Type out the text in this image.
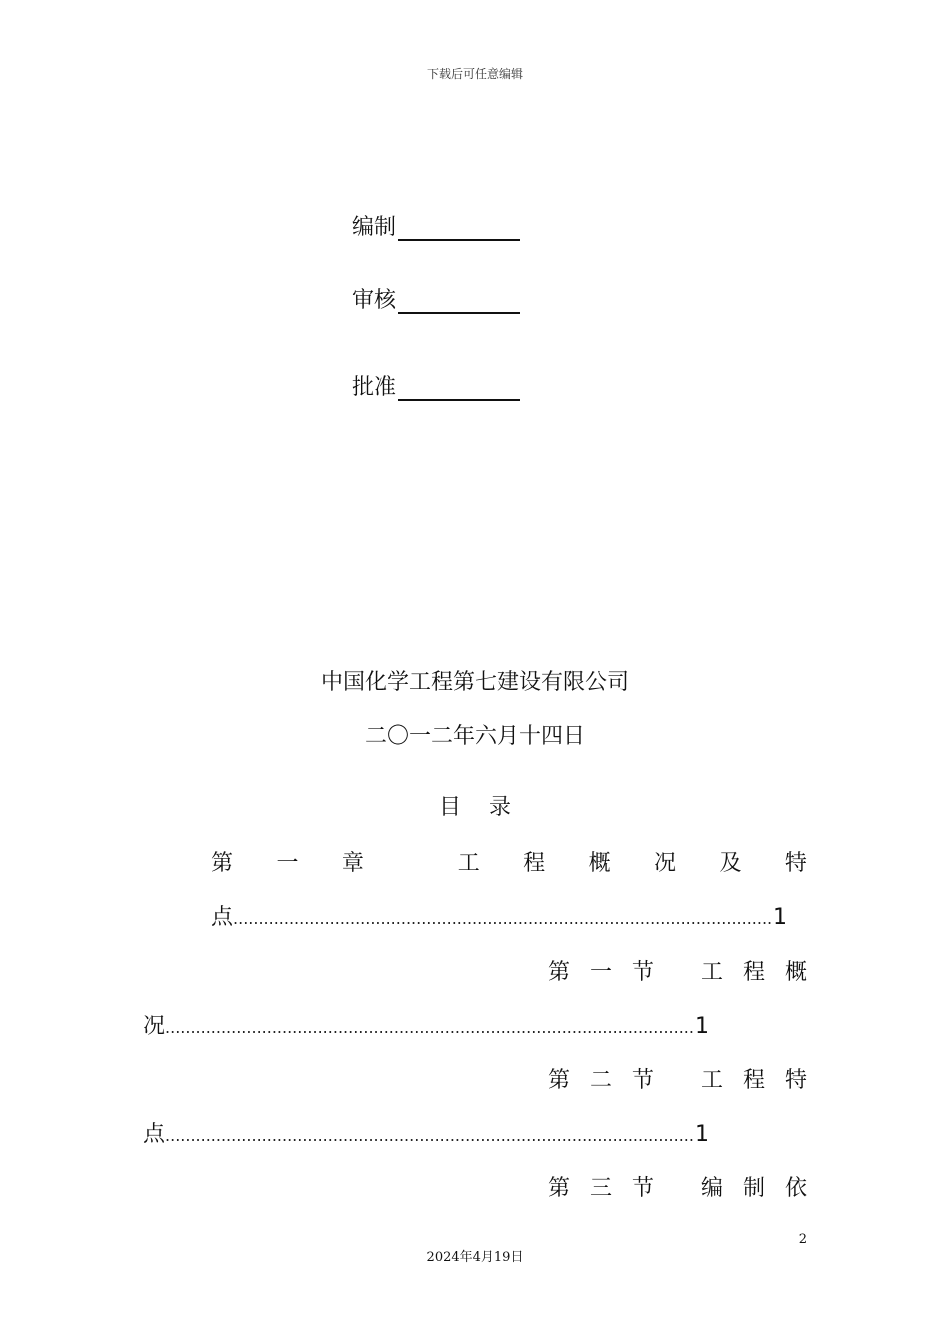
下载后可任意编辑
编制
审核
批准
中国化学工程第七建设有限公司
二〇一二年六月十四日
目录
第 一 章
	工 程 概 况 及 特
点 .....	1
第 一 节
工 程 概
况 .....	1
第 二 节
工 程 特
点 .....	1
第 三 节
编 制 依
2
2024年4月19日
